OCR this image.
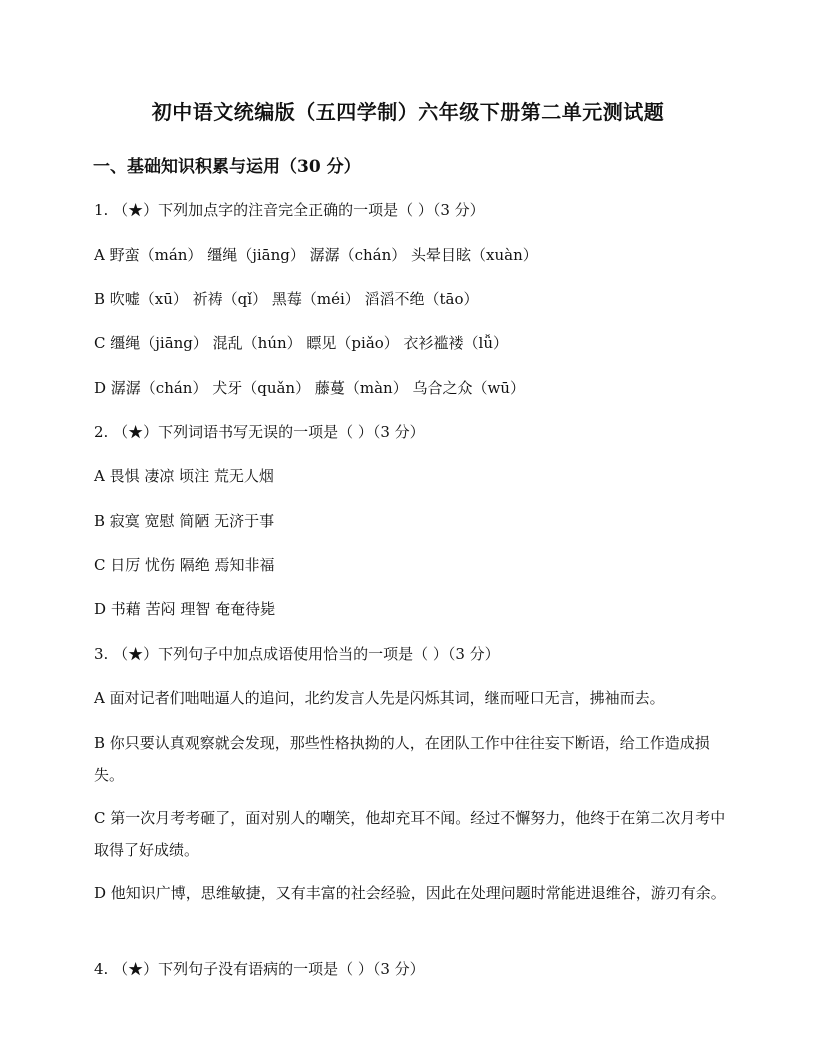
初中语文统编版（五四学制）六年级下册第二单元测试题
一、基础知识积累与运用（30 分）
1. （★）下列加点字的注音完全正确的一项是（ ）（3 分）
A 野蛮（mán） 缰绳（jiāng） 潺潺（chán） 头晕目眩（xuàn）
B 吹嘘（xū） 祈祷（qǐ） 黑莓（méi） 滔滔不绝（tāo）
C 缰绳（jiāng） 混乱（hún） 瞟见（piǎo） 衣衫褴褛（lǚ）
D 潺潺（chán） 犬牙（quǎn） 藤蔓（màn） 乌合之众（wū）
2. （★）下列词语书写无误的一项是（ ）（3 分）
A 畏惧 凄凉 顷注 荒无人烟
B 寂寞 宽慰 简陋 无济于事
C 日厉 忧伤 隔绝 焉知非福
D 书藉 苦闷 理智 奄奄待毙
3. （★）下列句子中加点成语使用恰当的一项是（ ）（3 分）
A 面对记者们咄咄逼人的追问，北约发言人先是闪烁其词，继而哑口无言，拂袖而去。
B 你只要认真观察就会发现，那些性格执拗的人，在团队工作中往往妄下断语，给工作造成损失。
C 第一次月考考砸了，面对别人的嘲笑，他却充耳不闻。经过不懈努力，他终于在第二次月考中取得了好成绩。
D 他知识广博，思维敏捷，又有丰富的社会经验，因此在处理问题时常能进退维谷，游刃有余。
4. （★）下列句子没有语病的一项是（ ）（3 分）
